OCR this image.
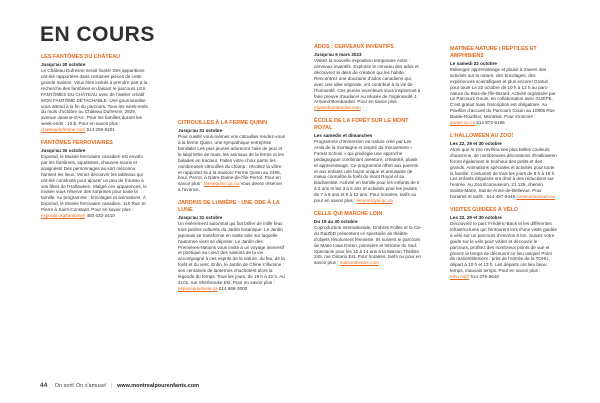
EN COURS
LES FANTÔMES DU CHÂTEAU
Jusqu'au 30 octobre
Le Château Dufresne serait hanté! Des apparitions ont été rapportées dans certaines pièces de cette grande maison. Vous êtes invités à prendre part à la recherche des fantômes en faisant le parcours LES FANTÔMES DU CHÂTEAU avec de l'atelier créatif MON FANTÔME DÉTACHABLE. Une gourmandise vous attend à la fin du parcours. Tous les week-ends du mois d'octobre au Château Dufresne, 2929, avenue Jeanne-d'Arc. Pour les familles durant les week-ends : 10 $. Pour en savoir plus : chateaudufresne.com 514 259-9201
FANTÔMES FERROVIAIRES
Jusqu'au 30 octobre
Exporail, le Musée ferroviaire canadien est envahi par les fantômes, squelettes, chauves-souris et araignées! Des personnages au sort méconnu hantent les lieux. Venez découvrir les tableaux qui ont été construits pour ajouter un peu de frousse à vos fêtes de l'Halloween. Malgré ces apparences, le musée vous réserve des surprises pour toute la famille. Au programme : bricolages et animations. À Exporail, le Musée ferroviaire canadien, 110 Rue St Pierre à Saint-Constant. Pour en savoir plus : exporail.org/fantomes 450 632-2410
CITROUILLES À LA FERME QUINN
Jusqu'au 31 octobre
Pour cueillir vous-mêmes vos citrouilles rendez-vous à la ferme Quinn, une sympathique entreprise familiale! Les plus jeunes adoreront l'aire de jeux et le labyrinthe de maïs, les animaux de la ferme et les balades en tracteur. Faites votre choix parmi les nombreuses citrouilles du champ : récoltez la vôtre et rapportez-la à la maison! Ferme Quinn au 2495, boul. Perrot, à Notre-Dame-de-l'Île-Perrot. Pour en savoir plus : fermequinn.qc.ca Vous devez réserver à l'avance.
JARDINS DE LUMIÈRE : UNE ODE À LA LUNE
Jusqu'au 31 octobre
Un événement automnal qui fait briller de mille feux trois jardins culturels du Jardin botanique. Le Jardin japonais se transforme en vaste toile sur laquelle l'automne vient se déposer. Le Jardin des Premières-Nations vous invite à un voyage immersif et poétique au cœur des saisons de la vie accompagné à ces esprits de la nature, du feu, de la forêt et du vent. Enfin, le Jardin de Chine s'illumine : ses centaines de lanternes chuchotent alors la légende du temps. Tous les jours, de 19 h à 22 h. Au 4101, rue Sherbrooke Est. Pour en savoir plus : espacepourlavie.ca 514 868-3000
ADOS : CERVEAUX INVENTIFS
Jusqu'au 6 mars 2023
Visitez la nouvelle exposition temporaire Ados : cerveaux inventifs. Explorez le cerveau des ados et découvrez le désir de création qui les habite. Rencontrez une douzaine d'ados canadiens qui, avec une idée originale, ont contribué à la vie de l'humanité. Ces jeunes inventeurs vous inspireront à faire preuve d'audace! Au Musée de l'ingéniosité J. Armand Bombardier. Pour en savoir plus : museebombardier.com
ÉCOLE DE LA FORÊT SUR LE MONT ROYAL
Les samedis et dimanches
Programme d'immersion en nature créé par Les Amis de la montagne et inspiré du mouvement « Forest School » qui privilégie une approche pédagogique combinant aventure, créativité, plaisir et apprentissage. Ce programme offert aux parents et aux enfants une façon unique et amusante de mieux connaître la forêt du mont Royal et sa biodiversité. Activité en famille pour les enfants de 0 à 3 ans et les 3 à 5 ans et activités pour les jeunes de 7 à 9 ans et 9 à 12 ans. Pour horaires, tarifs ou pour en savoir plus : lemontroyal.qc.ca
CELLE QUI MARCHE LOIN
Du 19 au 30 octobre
Coproduction internationale, Ombres Folles et la Cie du RaiZbD présentent ce spectacle de théâtre d'objets résolument féministe. Ils suivent le parcours de Marie Iowa Doran, pionnière et héroïne du Sud. Spectacle pour les 10 à 14 ans à la Maison Théâtre, 245, rue Ontario Est. Pour horaires, tarifs ou pour en savoir plus : maisontheatre.com
MATINÉE NATURE | REPTILES ET AMPHIBIENS
Le samedi 22 octobre
Mélangez apprentissage et plaisir à travers des activités sur la nature, des bricolages, des expériences scientifiques et plus encore! Gratuit pour tous! Le 22 octobre de 10 h à 12 h au parc-nature du Bois-de-l'Île-Bizard. Activité organisée par Le Parcours Gouin, en collaboration avec GUEPE. C'est gratuit mais l'inscription est obligatoire. Au Pavillon d'accueil du Parcours Gouin au 10905 Rue Basile-Routhier, Montréal. Pour s'inscrire : guepe.qc.ca 514 872-6196
L'HALLOWEEN AU ZOO!
Les 22, 29 et 30 octobre
Alors que le zoo revêtira ses plus belles couleurs d'automne, de nombreuses décorations d'Halloween feront également le bonheur des petits et des grands. Animations spéciales et activités pour toute la famille. Costumes de tous les jours de 9 h à 16 h. Les enfants déguisés ont droit à des réductions sur l'entrée. Au Zoo Ecomuseum, 21 125, chemin Sainte-Marie, Sainte-Anne-de-Bellevue. Pour horaires et tarifs : 514 457-9449 zooecomuseum.ca
VISITES GUIDÉES À VÉLO
Les 22, 29 et 30 octobre
Découvrez le parc Frédéric-Back et les différentes infrastructures qui l'entourent lors d'une visite guidée à vélo sur un parcours d'environ 6 km. Suivez votre guide sur le vélo pour visiter et découvrir le parcours, profitez des nombreux points de vue et prenez le temps de découvrir ce lieu unique! Point de rassemblement : près de l'entrée de la TOHU, départ à 10 h et 13 h. Les départs ont lieu beau temps, mauvais temps. Pour en savoir plus : tohu.ca/fr 514 376-8648
44 On sort! On s'amuse! | www.montrealpourenfants.com
